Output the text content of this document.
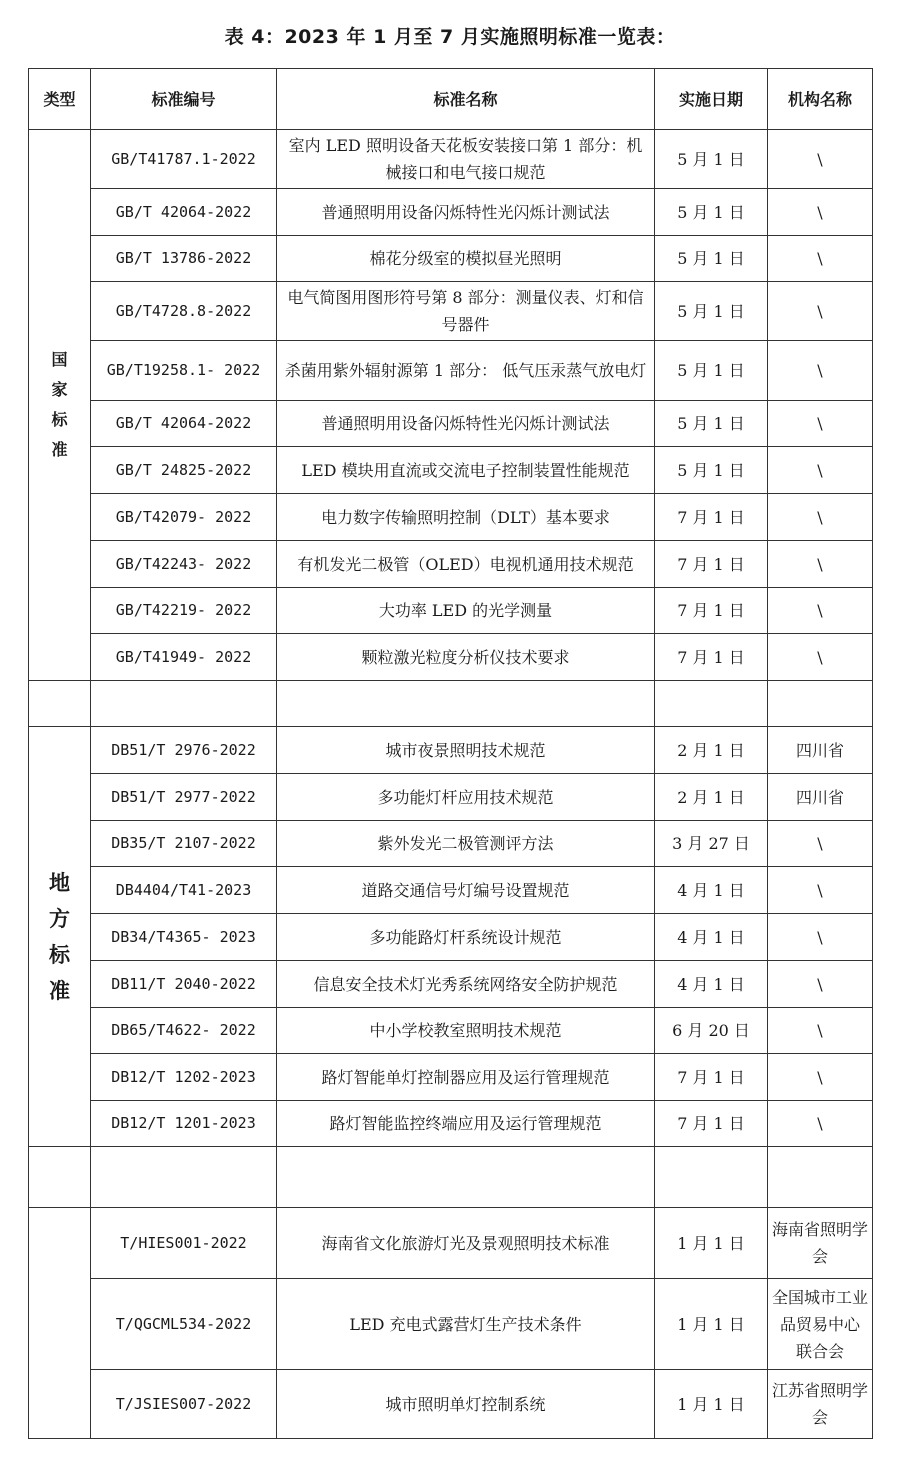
表 4：2023 年 1 月至 7 月实施照明标准一览表：
类型	标准编号	标准名称	实施日期	机构名称

国
家
标
准	GB/T41787.1-2022	室内 LED 照明设备天花板安装接口第 1 部分：机械接口和电气接口规范	5 月 1 日	\
	GB/T 42064-2022	普通照明用设备闪烁特性光闪烁计测试法	5 月 1 日	\
	GB/T 13786-2022	棉花分级室的模拟昼光照明	5 月 1 日	\
	GB/T4728.8-2022	电气简图用图形符号第 8 部分：测量仪表、灯和信号器件	5 月 1 日	\
	GB/T19258.1- 2022	杀菌用紫外辐射源第 1 部分： 低气压汞蒸气放电灯	5 月 1 日	\
	GB/T 42064-2022	普通照明用设备闪烁特性光闪烁计测试法	5 月 1 日	\
	GB/T 24825-2022	LED 模块用直流或交流电子控制装置性能规范	5 月 1 日	\
	GB/T42079- 2022	电力数字传输照明控制（DLT）基本要求	7 月 1 日	\
	GB/T42243- 2022	有机发光二极管（OLED）电视机通用技术规范	7 月 1 日	\
	GB/T42219- 2022	大功率 LED 的光学测量	7 月 1 日	\
	GB/T41949- 2022	颗粒激光粒度分析仪技术要求	7 月 1 日	\

地
方
标
准	DB51/T 2976-2022	城市夜景照明技术规范	2 月 1 日	四川省
	DB51/T 2977-2022	多功能灯杆应用技术规范	2 月 1 日	四川省
	DB35/T 2107-2022	紫外发光二极管测评方法	3 月 27 日	\
	DB4404/T41-2023	道路交通信号灯编号设置规范	4 月 1 日	\
	DB34/T4365- 2023	多功能路灯杆系统设计规范	4 月 1 日	\
	DB11/T 2040-2022	信息安全技术灯光秀系统网络安全防护规范	4 月 1 日	\
	DB65/T4622- 2022	中小学校教室照明技术规范	6 月 20 日	\
	DB12/T 1202-2023	路灯智能单灯控制器应用及运行管理规范	7 月 1 日	\
	DB12/T 1201-2023	路灯智能监控终端应用及运行管理规范	7 月 1 日	\

	T/HIES001-2022	海南省文化旅游灯光及景观照明技术标准	1 月 1 日	海南省照明学会
	T/QGCML534-2022	LED 充电式露营灯生产技术条件	1 月 1 日	全国城市工业品贸易中心 联合会
	T/JSIES007-2022	城市照明单灯控制系统	1 月 1 日	江苏省照明学会
